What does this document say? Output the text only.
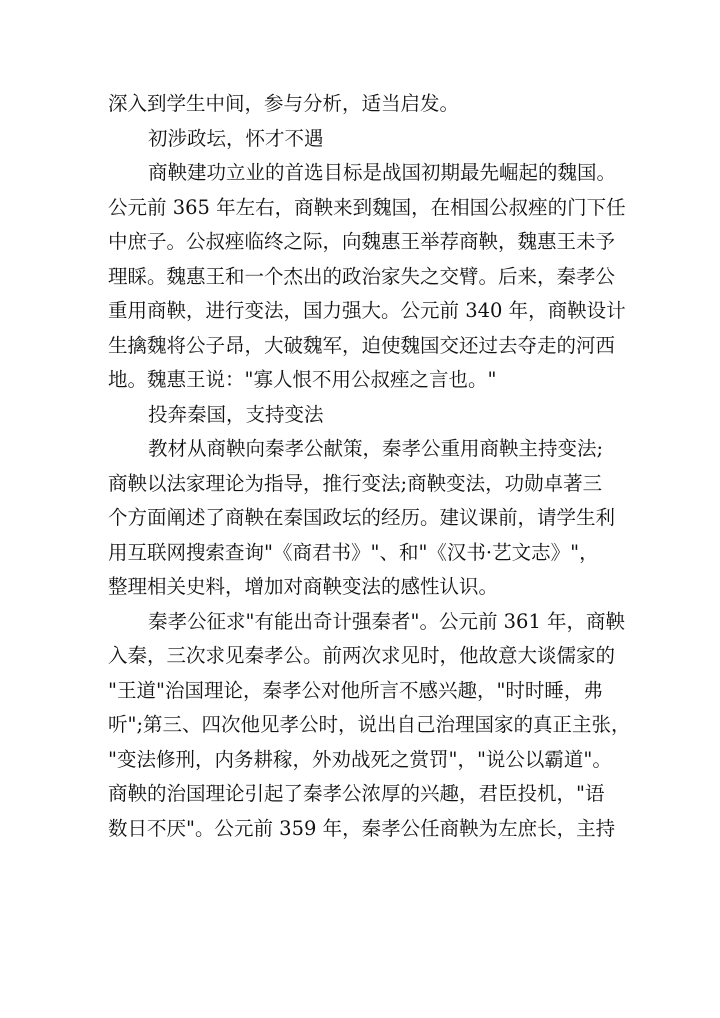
深入到学生中间，参与分析，适当启发。
初涉政坛，怀才不遇
商鞅建功立业的首选目标是战国初期最先崛起的魏国。
公元前 365 年左右，商鞅来到魏国，在相国公叔痤的门下任
中庶子。公叔痤临终之际，向魏惠王举荐商鞅，魏惠王未予
理睬。魏惠王和一个杰出的政治家失之交臂。后来，秦孝公
重用商鞅，进行变法，国力强大。公元前 340 年，商鞅设计
生擒魏将公子昂，大破魏军，迫使魏国交还过去夺走的河西
地。魏惠王说："寡人恨不用公叔痤之言也。"
投奔秦国，支持变法
教材从商鞅向秦孝公献策，秦孝公重用商鞅主持变法;
商鞅以法家理论为指导，推行变法;商鞅变法，功勋卓著三
个方面阐述了商鞅在秦国政坛的经历。建议课前，请学生利
用互联网搜索查询"《商君书》"、和"《汉书·艺文志》"，
整理相关史料，增加对商鞅变法的感性认识。
秦孝公征求"有能出奇计强秦者"。公元前 361 年，商鞅
入秦，三次求见秦孝公。前两次求见时，他故意大谈儒家的
"王道"治国理论，秦孝公对他所言不感兴趣，"时时睡，弗
听";第三、四次他见孝公时，说出自己治理国家的真正主张，
"变法修刑，内务耕稼，外劝战死之赏罚"，"说公以霸道"。
商鞅的治国理论引起了秦孝公浓厚的兴趣，君臣投机，"语
数日不厌"。公元前 359 年，秦孝公任商鞅为左庶长，主持
